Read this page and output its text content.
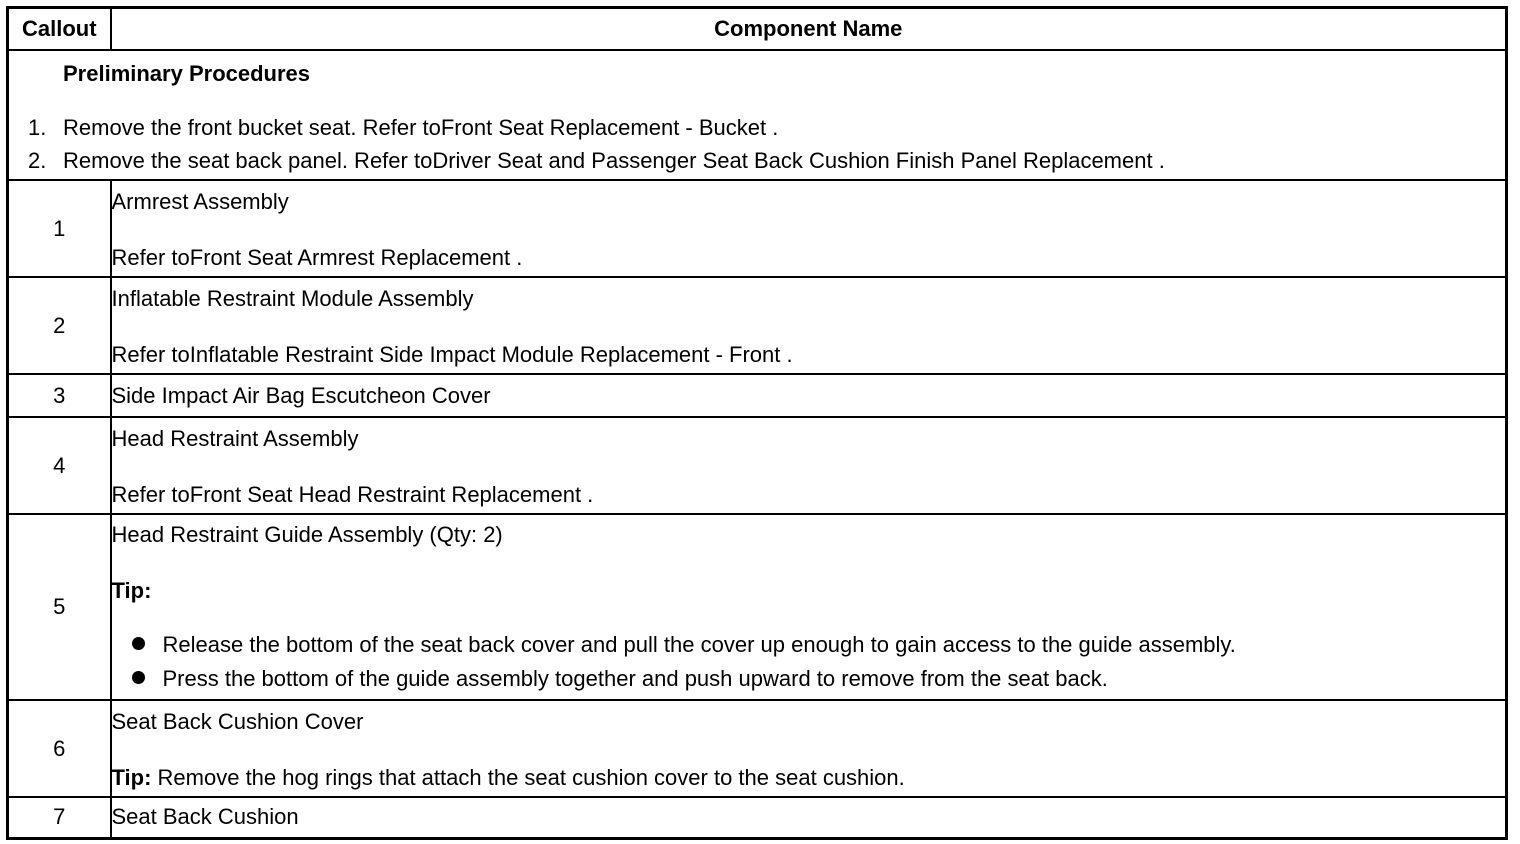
Callout	Component Name

Preliminary Procedures
1. Remove the front bucket seat. Refer toFront Seat Replacement - Bucket .
2. Remove the seat back panel. Refer toDriver Seat and Passenger Seat Back Cushion Finish Panel Replacement .	

1	Armrest Assembly
Refer toFront Seat Armrest Replacement .

2	Inflatable Restraint Module Assembly
Refer toInflatable Restraint Side Impact Module Replacement - Front .

3	Side Impact Air Bag Escutcheon Cover
4	Head Restraint Assembly
Refer toFront Seat Head Restraint Replacement .

5	Head Restraint Guide Assembly (Qty: 2)
Tip:
Release the bottom of the seat back cover and pull the cover up enough to gain access to the guide assembly.
Press the bottom of the guide assembly together and push upward to remove from the seat back.

6	Seat Back Cushion Cover
Tip: Remove the hog rings that attach the seat cushion cover to the seat cushion.

7	Seat Back Cushion
